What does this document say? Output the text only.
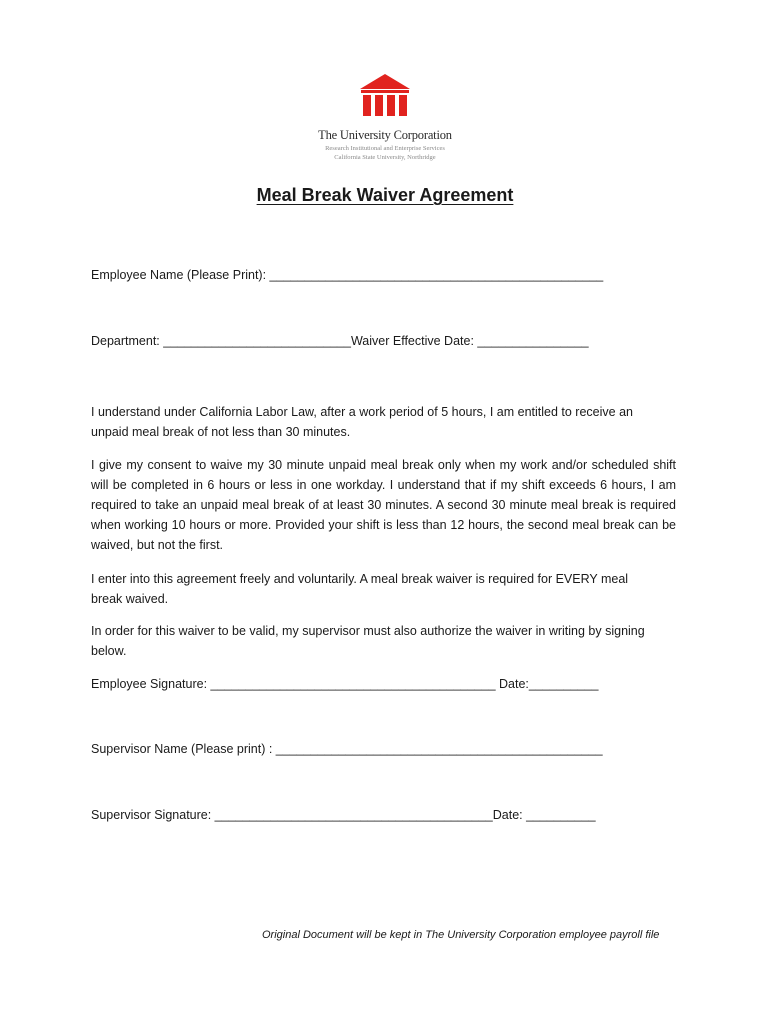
The University Corporation
Research Institutional and Enterprise Services
California State University, Northridge
Meal Break Waiver Agreement
Employee Name (Please Print): ________________________________________________
Department: ___________________________Waiver Effective Date: ________________
I understand under California Labor Law, after a work period of 5 hours, I am entitled to receive an unpaid meal break of not less than 30 minutes.
I give my consent to waive my 30 minute unpaid meal break only when my work and/or scheduled shift will be completed in 6 hours or less in one workday. I understand that if my shift exceeds 6 hours, I am required to take an unpaid meal break of at least 30 minutes. A second 30 minute meal break is required when working 10 hours or more. Provided your shift is less than 12 hours, the second meal break can be waived, but not the first.
I enter into this agreement freely and voluntarily. A meal break waiver is required for EVERY meal break waived.
In order for this waiver to be valid, my supervisor must also authorize the waiver in writing by signing below.
Employee Signature: _________________________________________ Date:__________
Supervisor Name (Please print) : _______________________________________________
Supervisor Signature: ________________________________________Date: __________
Original Document will be kept in The University Corporation employee payroll file
